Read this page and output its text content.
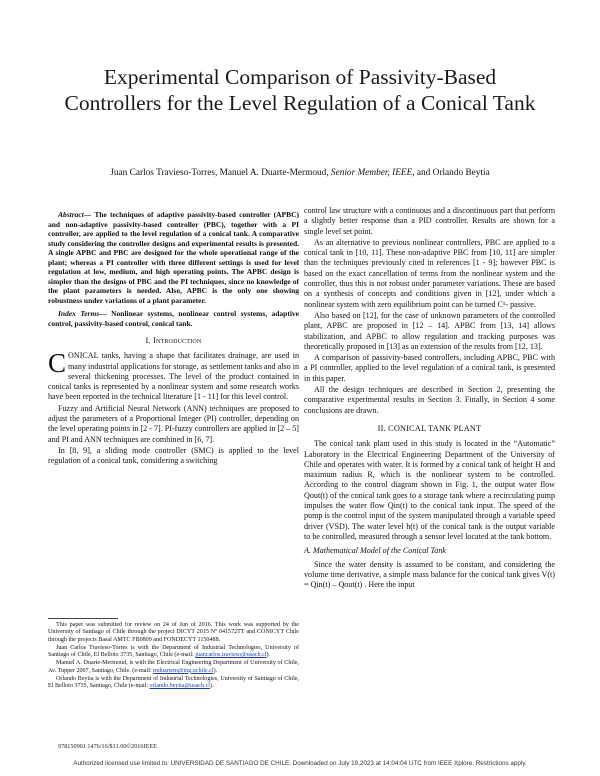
Experimental Comparison of Passivity-Based Controllers for the Level Regulation of a Conical Tank
Juan Carlos Travieso-Torres, Manuel A. Duarte-Mermoud, Senior Member, IEEE, and Orlando Beytia

Abstract— The techniques of adaptive passivity-based controller (APBC) and non-adaptive passivity-based controller (PBC), together with a PI controller, are applied to the level regulation of a conical tank. A comparative study considering the controller designs and experimental results is presented. A single APBC and PBC are designed for the whole operational range of the plant; whereas a PI controller with three different settings is used for level regulation at low, medium, and high operating points. The APBC design is simpler than the designs of PBC and the PI techniques, since no knowledge of the plant parameters is needed. Also, APBC is the only one showing robustness under variations of a plant parameter.

Index Terms— Nonlinear systems, nonlinear control systems, adaptive control, passivity-based control, conical tank.

I. Introduction

CONICAL tanks, having a shape that facilitates drainage, are used in many industrial applications for storage, as settlement tanks and also in several thickening processes. The level of the product contained in conical tanks is represented by a nonlinear system and some research works have been reported in the technical literature [1 - 11] for this level control.

Fuzzy and Artificial Neural Network (ANN) techniques are proposed to adjust the parameters of a Proportional Integer (PI) controller, depending on the level operating points in [2 - 7]. PI-fuzzy controllers are applied in [2 – 5] and PI and ANN techniques are combined in [6, 7].

In [8, 9], a sliding mode controller (SMC) is applied to the level regulation of a conical tank, considering a switching

This paper was submitted for review on 24 of Jun of 2016. This work was supported by the University of Santiago of Chile through the project DICYT 2015 Nº 041572TT and CONICYT Chile through the projects Basal AMTC FB0809 and FONDECYT 1150488.

Juan Carlos Travieso-Torres is with the Department of Industrial Technologies, University of Santiago of Chile, El Belloto 3735, Santiago, Chile (e-mail: juancarlos.travieso@usach.cl).

Manuel A. Duarte-Mermoud, is with the Electrical Engineering Department of University of Chile, Av. Tupper 2007, Santiago, Chile. (e-mail: mduartem@ing.uchile.cl).

Orlando Beytia is with the Department of Industrial Technologies, University of Santiago of Chile, El Belloto 3735, Santiago, Chile (e-mail: orlando.beytia@usach.cl).

978150901 1476/16/$31.00©2016IEEE

control law structure with a continuous and a discontinuous part that perform a slightly better response than a PID controller. Results are shown for a single level set point.

As an alternative to previous nonlinear controllers, PBC are applied to a conical tank in [10, 11]. These non-adaptive PBC from [10, 11] are simpler than the techniques previously cited in references [1 - 9]; however PBC is based on the exact cancellation of terms from the nonlinear system and the controller, thus this is not robust under parameter variations. These are based on a synthesis of concepts and conditions given in [12], under which a nonlinear system with zero equilibrium point can be turned C¹- passive.

Also based on [12], for the case of unknown parameters of the controlled plant, APBC are proposed in [12 – 14]. APBC from [13, 14] allows stabilization, and APBC to allow regulation and tracking purposes was theoretically proposed in [13] as an extension of the results from [12, 13].

A comparison of passivity-based controllers, including APBC, PBC with a PI controller, applied to the level regulation of a conical tank, is presented in this paper.

All the design techniques are described in Section 2, presenting the comparative experimental results in Section 3. Finally, in Section 4 some conclusions are drawn.

II. CONICAL TANK PLANT

The conical tank plant used in this study is located in the “Automatic” Laboratory in the Electrical Engineering Department of the University of Chile and operates with water. It is formed by a conical tank of height H and maximum radius R, which is the nonlinear system to be controlled. According to the control diagram shown in Fig. 1, the output water flow Qout(t) of the conical tank goes to a storage tank where a recirculating pump impulses the water flow Qin(t) to the conical tank input. The speed of the pump is the control input of the system manipulated through a variable speed driver (VSD). The water level h(t) of the conical tank is the output variable to be controlled, measured through a sensor level located at the tank bottom.

A. Mathematical Model of the Conical Tank

Since the water density is assumed to be constant, and considering the volume time derivative, a simple mass balance for the conical tank gives V(t) = Qin(t) – Qout(t) . Here the input

Authorized licensed use limited to: UNIVERSIDAD DE SANTIAGO DE CHILE. Downloaded on July 19,2023 at 14:04:04 UTC from IEEE Xplore. Restrictions apply.
